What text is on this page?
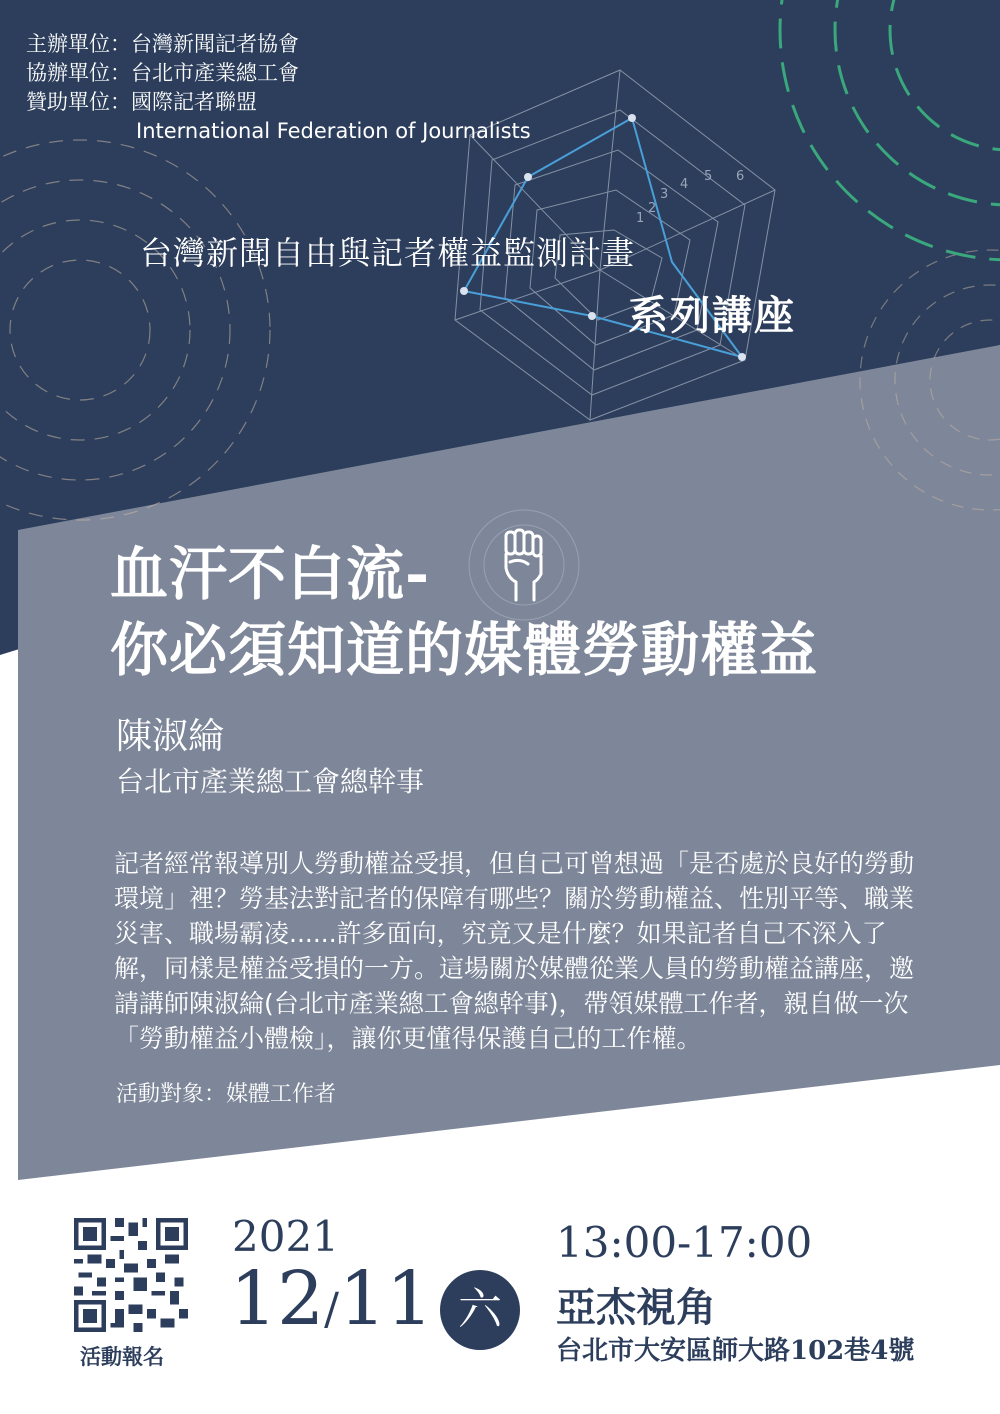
1
2
3
4
5 6
主辦單位：台灣新聞記者協會
協辦單位：台北市產業總工會
贊助單位：國際記者聯盟
International Federation of Journalists
台灣新聞自由與記者權益監測計畫
系列講座
血汗不白流-
你必須知道的媒體勞動權益
陳淑綸
台北市產業總工會總幹事
記者經常報導別人勞動權益受損，但自己可曾想過「是否處於良好的勞動環境」裡？勞基法對記者的保障有哪些？關於勞動權益、性別平等、職業災害、職場霸凌......許多面向，究竟又是什麼？如果記者自己不深入了解，同樣是權益受損的一方。這場關於媒體從業人員的勞動權益講座，邀請講師陳淑綸(台北市產業總工會總幹事)，帶領媒體工作者，親自做一次「勞動權益小體檢」，讓你更懂得保護自己的工作權。
活動對象：媒體工作者
活動報名
2021
12/11 六
13:00-17:00
亞杰視角
台北市大安區師大路102巷4號
